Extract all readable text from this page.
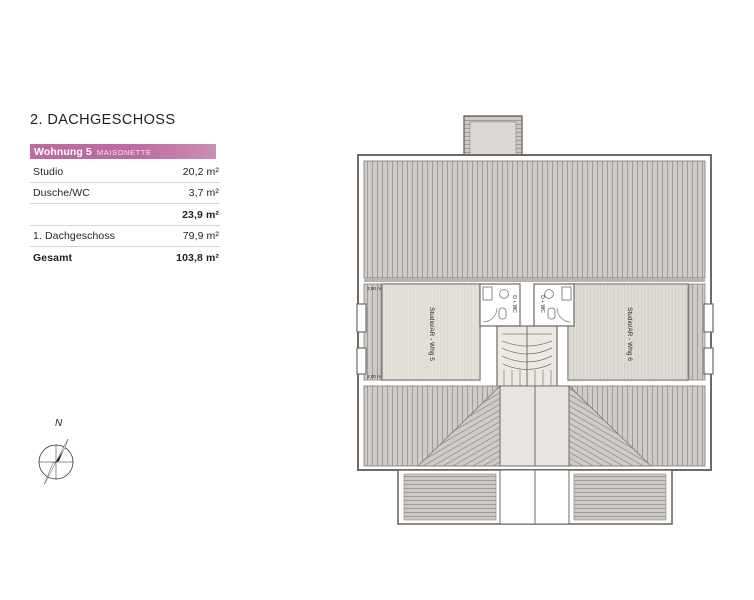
2. DACHGESCHOSS
Wohnung 5 MAISONETTE
Studio	20,2 m²
Dusche/WC	3,7 m²
	23,9 m²
1. Dachgeschoss	79,9 m²
Gesamt	103,8 m²
N
Studio/AR - Whg 5	Studio/AR - Whg 6
D + WC	D + WC
2,00 m
2,00 m
